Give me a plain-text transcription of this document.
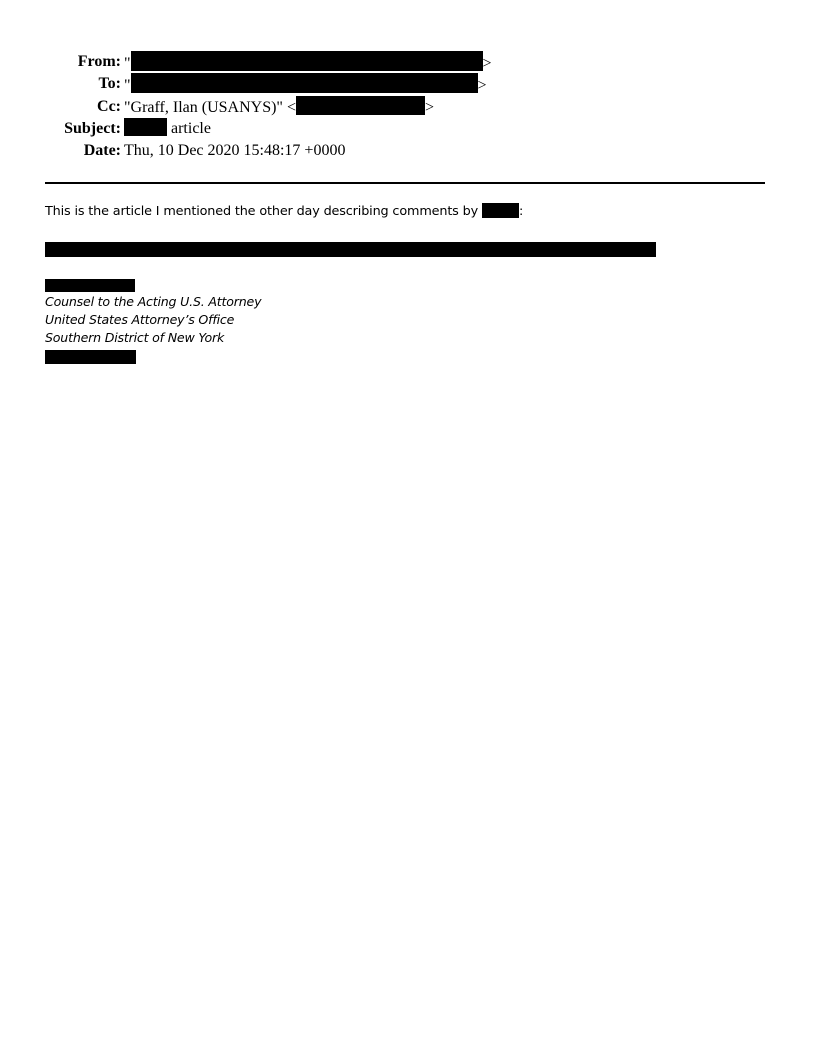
From: "	>
To: "	>
Cc: "Graff, Ilan (USANYS)" <	>
Subject:	article
Date: Thu, 10 Dec 2020 15:48:17 +0000
This is the article I mentioned the other day describing comments by	:
Counsel to the Acting U.S. Attorney
United States Attorney’s Office
Southern District of New York
